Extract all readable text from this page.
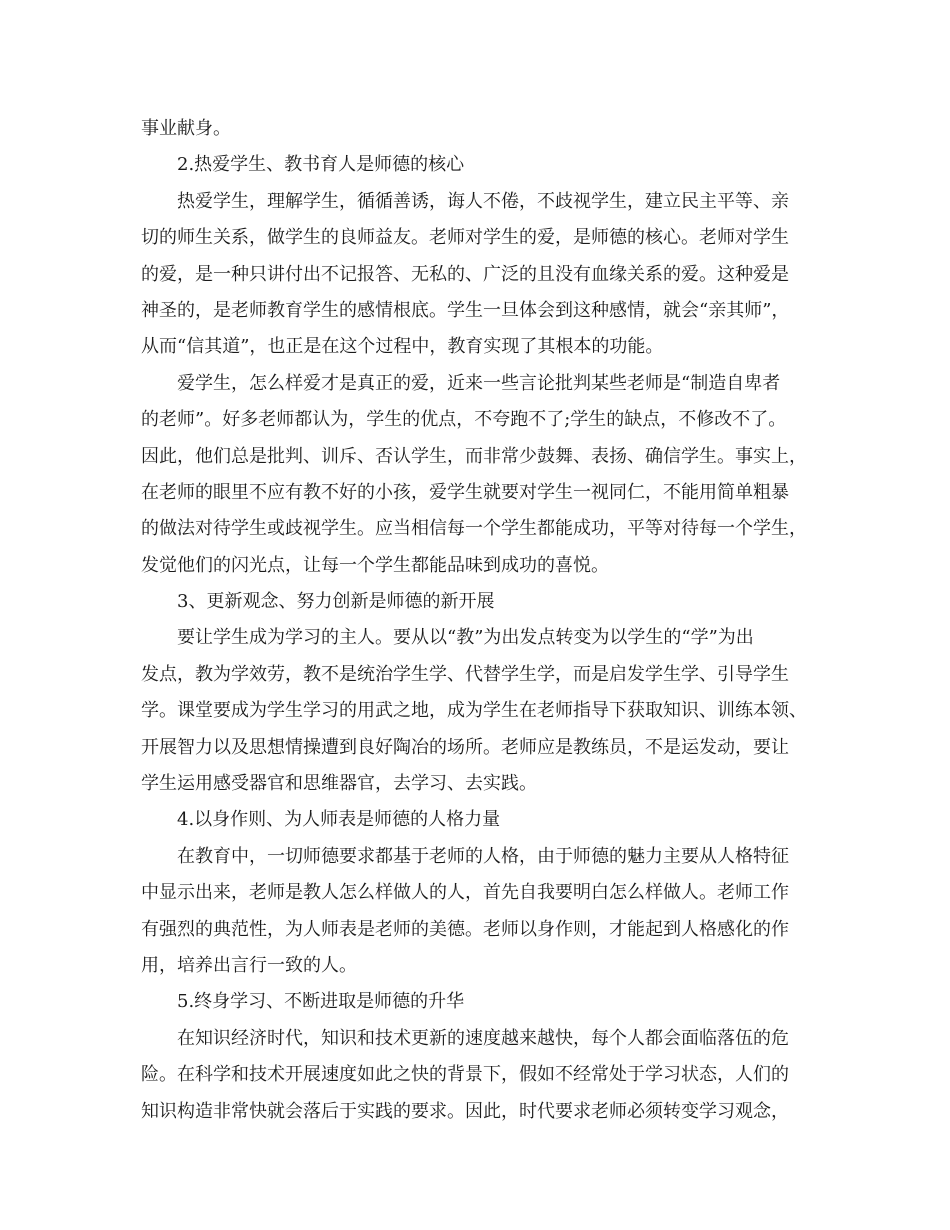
事业献身。
2.热爱学生、教书育人是师德的核心
热爱学生，理解学生，循循善诱，诲人不倦，不歧视学生，建立民主平等、亲
切的师生关系，做学生的良师益友。老师对学生的爱，是师德的核心。老师对学生
的爱，是一种只讲付出不记报答、无私的、广泛的且没有血缘关系的爱。这种爱是
神圣的，是老师教育学生的感情根底。学生一旦体会到这种感情，就会“亲其师”，
从而“信其道”，也正是在这个过程中，教育实现了其根本的功能。
爱学生，怎么样爱才是真正的爱，近来一些言论批判某些老师是“制造自卑者
的老师”。好多老师都认为，学生的优点，不夸跑不了;学生的缺点，不修改不了。
因此，他们总是批判、训斥、否认学生，而非常少鼓舞、表扬、确信学生。事实上，
在老师的眼里不应有教不好的小孩，爱学生就要对学生一视同仁，不能用简单粗暴
的做法对待学生或歧视学生。应当相信每一个学生都能成功，平等对待每一个学生，
发觉他们的闪光点，让每一个学生都能品味到成功的喜悦。
3、更新观念、努力创新是师德的新开展
要让学生成为学习的主人。要从以“教”为出发点转变为以学生的“学”为出
发点，教为学效劳，教不是统治学生学、代替学生学，而是启发学生学、引导学生
学。课堂要成为学生学习的用武之地，成为学生在老师指导下获取知识、训练本领、
开展智力以及思想情操遭到良好陶冶的场所。老师应是教练员，不是运发动，要让
学生运用感受器官和思维器官，去学习、去实践。
4.以身作则、为人师表是师德的人格力量
在教育中，一切师德要求都基于老师的人格，由于师德的魅力主要从人格特征
中显示出来，老师是教人怎么样做人的人，首先自我要明白怎么样做人。老师工作
有强烈的典范性，为人师表是老师的美德。老师以身作则，才能起到人格感化的作
用，培养出言行一致的人。
5.终身学习、不断进取是师德的升华
在知识经济时代，知识和技术更新的速度越来越快，每个人都会面临落伍的危
险。在科学和技术开展速度如此之快的背景下，假如不经常处于学习状态，人们的
知识构造非常快就会落后于实践的要求。因此，时代要求老师必须转变学习观念，
